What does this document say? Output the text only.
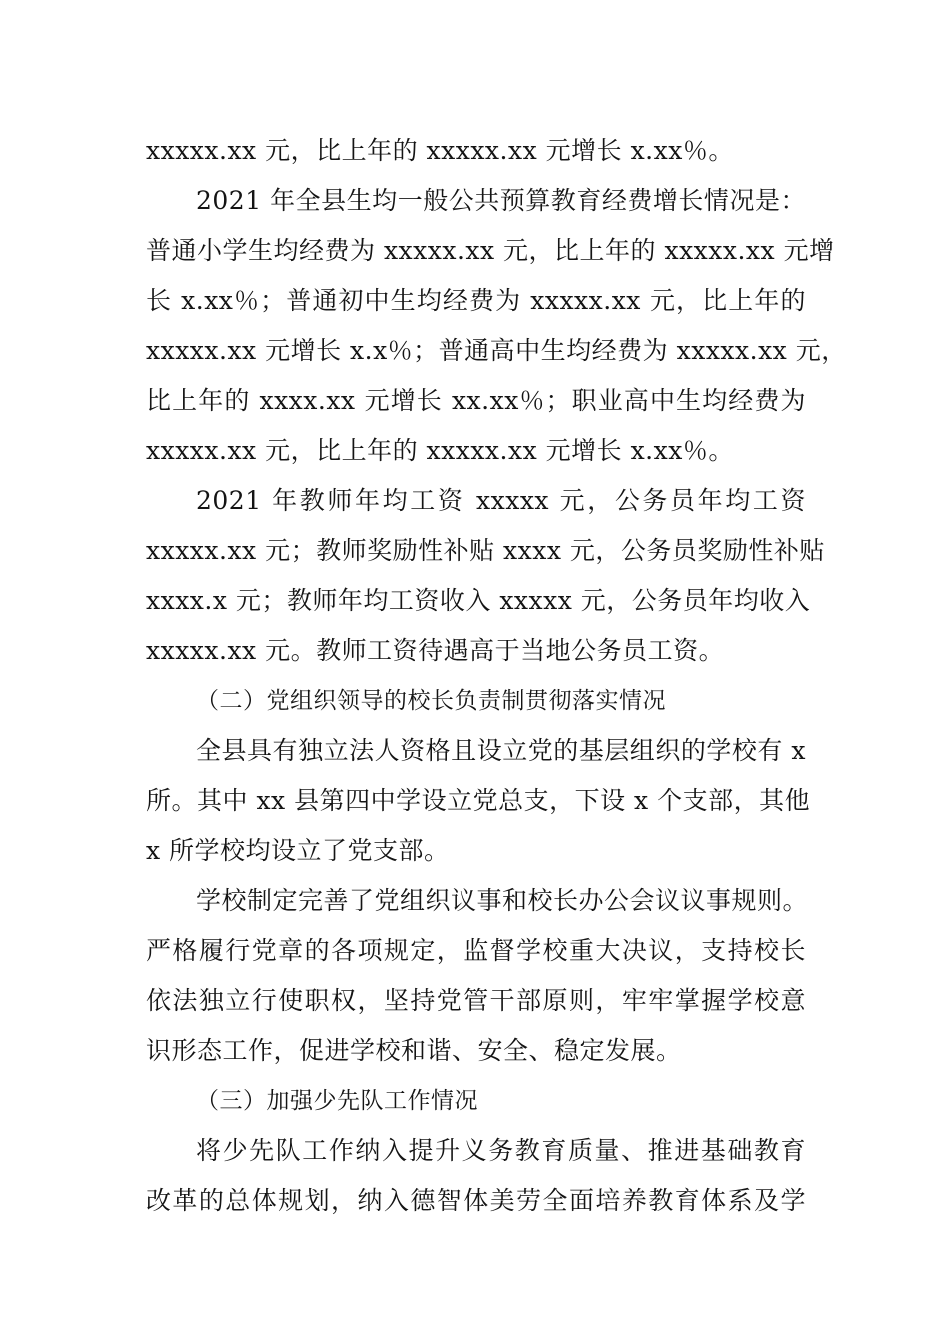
xxxxx.xx 元，比上年的 xxxxx.xx 元增长 x.xx％。
2021 年全县生均一般公共预算教育经费增长情况是：
普通小学生均经费为 xxxxx.xx 元，比上年的 xxxxx.xx 元增
长 x.xx％；普通初中生均经费为 xxxxx.xx 元，比上年的
xxxxx.xx 元增长 x.x％；普通高中生均经费为 xxxxx.xx 元，
比上年的 xxxx.xx 元增长 xx.xx％；职业高中生均经费为
xxxxx.xx 元，比上年的 xxxxx.xx 元增长 x.xx％。
2021 年教师年均工资 xxxxx 元，公务员年均工资
xxxxx.xx 元；教师奖励性补贴 xxxx 元，公务员奖励性补贴
xxxx.x 元；教师年均工资收入 xxxxx 元，公务员年均收入
xxxxx.xx 元。教师工资待遇高于当地公务员工资。
（二）党组织领导的校长负责制贯彻落实情况
全县具有独立法人资格且设立党的基层组织的学校有 x
所。其中 xx 县第四中学设立党总支，下设 x 个支部，其他
x 所学校均设立了党支部。
学校制定完善了党组织议事和校长办公会议议事规则。
严格履行党章的各项规定，监督学校重大决议，支持校长
依法独立行使职权，坚持党管干部原则，牢牢掌握学校意
识形态工作，促进学校和谐、安全、稳定发展。
（三）加强少先队工作情况
将少先队工作纳入提升义务教育质量、推进基础教育
改革的总体规划，纳入德智体美劳全面培养教育体系及学
